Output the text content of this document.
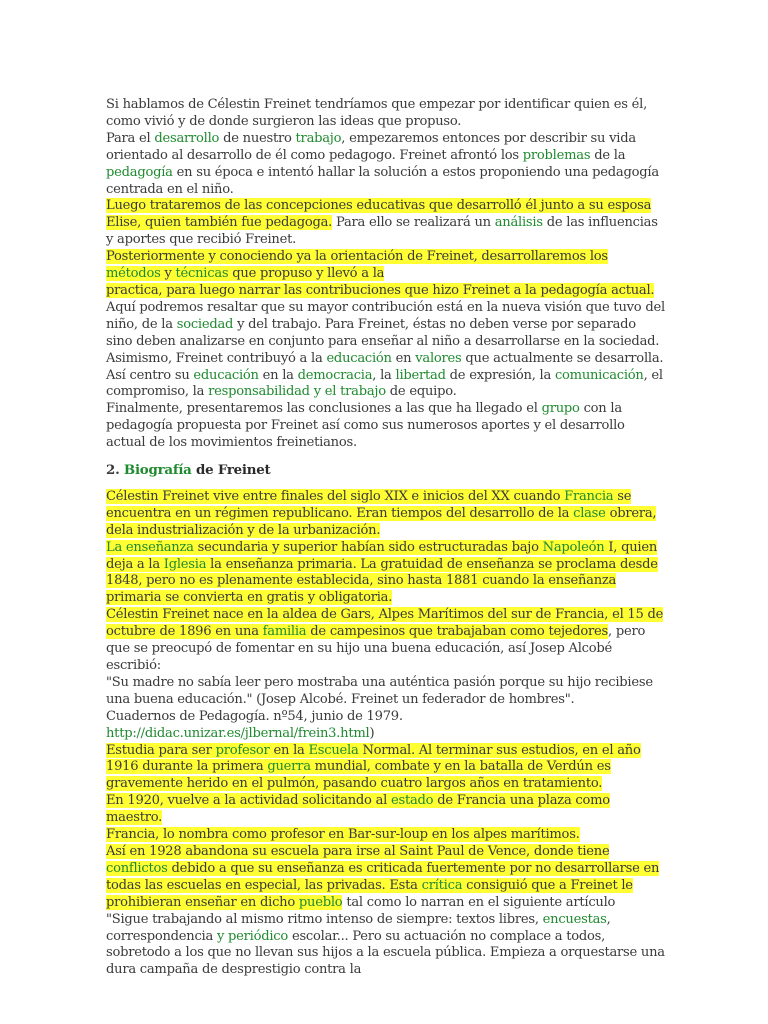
Si hablamos de Célestin Freinet tendríamos que empezar por identificar quien es él, como vivió y de donde surgieron las ideas que propuso.

Para el desarrollo de nuestro trabajo, empezaremos entonces por describir su vida orientado al desarrollo de él como pedagogo. Freinet afrontó los problemas de la pedagogía en su época e intentó hallar la solución a estos proponiendo una pedagogía centrada en el niño.

Luego trataremos de las concepciones educativas que desarrolló él junto a su esposa Elise, quien también fue pedagoga. Para ello se realizará un análisis de las influencias y aportes que recibió Freinet.

Posteriormente y conociendo ya la orientación de Freinet, desarrollaremos los métodos y técnicas que propuso y llevó a la

practica, para luego narrar las contribuciones que hizo Freinet a la pedagogía actual.

Aquí podremos resaltar que su mayor contribución está en la nueva visión que tuvo del niño, de la sociedad y del trabajo. Para Freinet, éstas no deben verse por separado sino deben analizarse en conjunto para enseñar al niño a desarrollarse en la sociedad. Asimismo, Freinet contribuyó a la educación en valores que actualmente se desarrolla. Así centro su educación en la democracia, la libertad de expresión, la comunicación, el compromiso, la responsabilidad y el trabajo de equipo.

Finalmente, presentaremos las conclusiones a las que ha llegado el grupo con la pedagogía propuesta por Freinet así como sus numerosos aportes y el desarrollo actual de los movimientos freinetianos.

2. Biografía de Freinet

Célestin Freinet vive entre finales del siglo XIX e inicios del XX cuando Francia se encuentra en un régimen republicano. Eran tiempos del desarrollo de la clase obrera, dela industrialización y de la urbanización.

La enseñanza secundaria y superior habían sido estructuradas bajo Napoleón I, quien deja a la Iglesia la enseñanza primaria. La gratuidad de enseñanza se proclama desde 1848, pero no es plenamente establecida, sino hasta 1881 cuando la enseñanza primaria se convierta en gratis y obligatoria.

Célestin Freinet nace en la aldea de Gars, Alpes Marítimos del sur de Francia, el 15 de octubre de 1896 en una familia de campesinos que trabajaban como tejedores, pero que se preocupó de fomentar en su hijo una buena educación, así Josep Alcobé escribió:

"Su madre no sabía leer pero mostraba una auténtica pasión porque su hijo recibiese una buena educación." (Josep Alcobé. Freinet un federador de hombres".

Cuadernos de Pedagogía. nº54, junio de 1979. http://didac.unizar.es/jlbernal/frein3.html)

Estudia para ser profesor en la Escuela Normal. Al terminar sus estudios, en el año 1916 durante la primera guerra mundial, combate y en la batalla de Verdún es gravemente herido en el pulmón, pasando cuatro largos años en tratamiento.

En 1920, vuelve a la actividad solicitando al estado de Francia una plaza como maestro.

Francia, lo nombra como profesor en Bar-sur-loup en los alpes marítimos.

Así en 1928 abandona su escuela para irse al Saint Paul de Vence, donde tiene conflictos debido a que su enseñanza es criticada fuertemente por no desarrollarse en todas las escuelas en especial, las privadas. Esta crítica consiguió que a Freinet le prohibieran enseñar en dicho pueblo tal como lo narran en el siguiente artículo

"Sigue trabajando al mismo ritmo intenso de siempre: textos libres, encuestas, correspondencia y periódico escolar... Pero su actuación no complace a todos, sobretodo a los que no llevan sus hijos a la escuela pública. Empieza a orquestarse una dura campaña de desprestigio contra la
